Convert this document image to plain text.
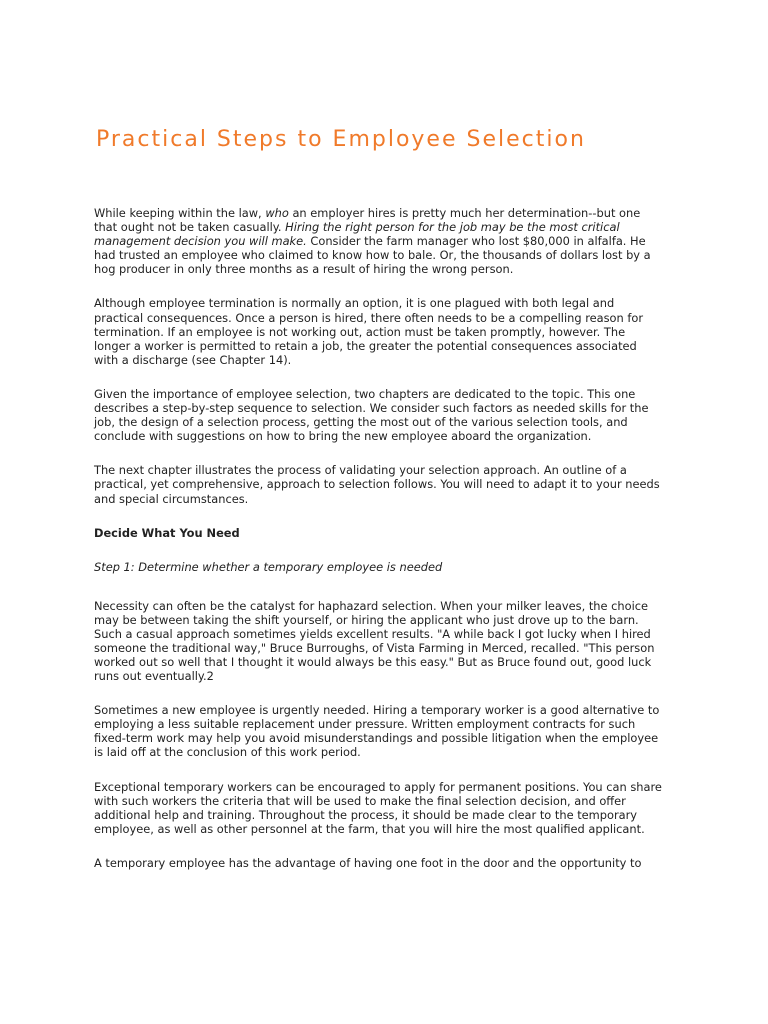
Practical Steps to Employee Selection

While keeping within the law, who an employer hires is pretty much her determination--but one that ought not be taken casually. Hiring the right person for the job may be the most critical management decision you will make. Consider the farm manager who lost $80,000 in alfalfa. He had trusted an employee who claimed to know how to bale. Or, the thousands of dollars lost by a hog producer in only three months as a result of hiring the wrong person.

Although employee termination is normally an option, it is one plagued with both legal and practical consequences. Once a person is hired, there often needs to be a compelling reason for termination. If an employee is not working out, action must be taken promptly, however. The longer a worker is permitted to retain a job, the greater the potential consequences associated with a discharge (see Chapter 14).

Given the importance of employee selection, two chapters are dedicated to the topic. This one describes a step-by-step sequence to selection. We consider such factors as needed skills for the job, the design of a selection process, getting the most out of the various selection tools, and conclude with suggestions on how to bring the new employee aboard the organization.

The next chapter illustrates the process of validating your selection approach. An outline of a practical, yet comprehensive, approach to selection follows. You will need to adapt it to your needs and special circumstances.

Decide What You Need
Step 1: Determine whether a temporary employee is needed

Necessity can often be the catalyst for haphazard selection. When your milker leaves, the choice may be between taking the shift yourself, or hiring the applicant who just drove up to the barn. Such a casual approach sometimes yields excellent results. "A while back I got lucky when I hired someone the traditional way," Bruce Burroughs, of Vista Farming in Merced, recalled. "This person worked out so well that I thought it would always be this easy." But as Bruce found out, good luck runs out eventually.2

Sometimes a new employee is urgently needed. Hiring a temporary worker is a good alternative to employing a less suitable replacement under pressure. Written employment contracts for such fixed-term work may help you avoid misunderstandings and possible litigation when the employee is laid off at the conclusion of this work period.

Exceptional temporary workers can be encouraged to apply for permanent positions. You can share with such workers the criteria that will be used to make the final selection decision, and offer additional help and training. Throughout the process, it should be made clear to the temporary employee, as well as other personnel at the farm, that you will hire the most qualified applicant.

A temporary employee has the advantage of having one foot in the door and the opportunity to
